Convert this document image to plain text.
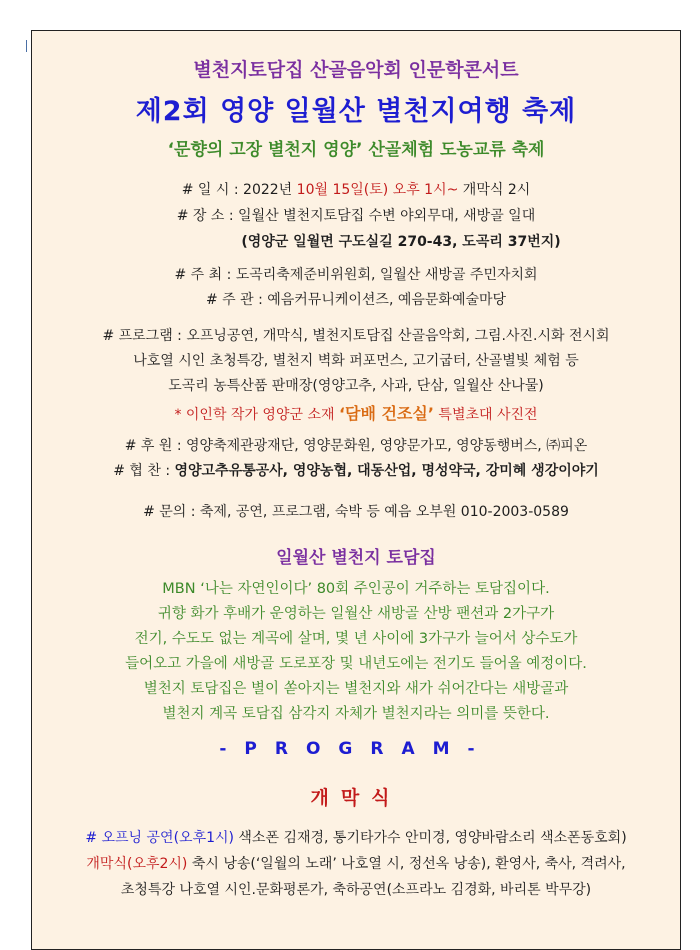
별천지토담집 산골음악회 인문학콘서트
제2회 영양 일월산 별천지여행 축제
‘문향의 고장 별천지 영양’ 산골체험 도농교류 축제
# 일 시 : 2022년 10월 15일(토) 오후 1시~ 개막식 2시
# 장 소 : 일월산 별천지토담집 수변 야외무대, 새방골 일대
(영양군 일월면 구도실길 270-43, 도곡리 37번지)
# 주 최 : 도곡리축제준비위원회, 일월산 새방골 주민자치회
# 주 관 : 예음커뮤니케이션즈, 예음문화예술마당
# 프로그램 : 오프닝공연, 개막식, 별천지토담집 산골음악회, 그림.사진.시화 전시회
나호열 시인 초청특강, 별천지 벽화 퍼포먼스, 고기굽터, 산골별빛 체험 등
도곡리 농특산품 판매장(영양고추, 사과, 단삼, 일월산 산나물)
* 이인학 작가 영양군 소재 ‘담배 건조실’ 특별초대 사진전
# 후 원 : 영양축제관광재단, 영양문화원, 영양문가모, 영양동행버스, ㈜피온
# 협 찬 : 영양고추유통공사, 영양농협, 대동산업, 명성약국, 강미혜 생강이야기
# 문의 : 축제, 공연, 프로그램, 숙박 등 예음 오부원 010-2003-0589
일월산 별천지 토담집
MBN ‘나는 자연인이다’ 80회 주인공이 거주하는 토담집이다.
귀향 화가 후배가 운영하는 일월산 새방골 산방 팬션과 2가구가
전기, 수도도 없는 계곡에 살며, 몇 년 사이에 3가구가 늘어서 상수도가
들어오고 가을에 새방골 도로포장 및 내년도에는 전기도 들어올 예정이다.
별천지 토담집은 별이 쏟아지는 별천지와 새가 쉬어간다는 새방골과
별천지 계곡 토담집 삼각지 자체가 별천지라는 의미를 뜻한다.
-PROGRAM-
개막식
# 오프닝 공연(오후1시) 색소폰 김재경, 통기타가수 안미경, 영양바람소리 색소폰동호회)
개막식(오후2시) 축시 낭송(‘일월의 노래’ 나호열 시, 정선옥 낭송), 환영사, 축사, 격려사,
초청특강 나호열 시인.문화평론가, 축하공연(소프라노 김경화, 바리톤 박무강)
